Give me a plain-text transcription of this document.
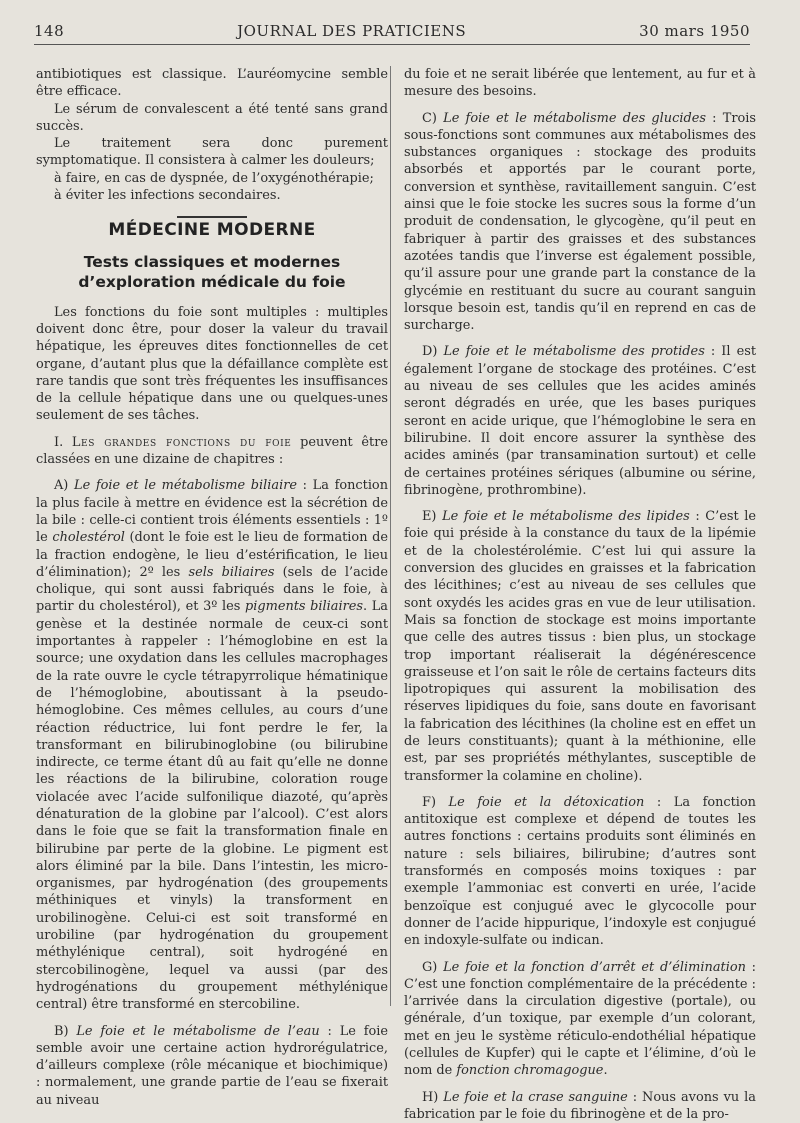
148	JOURNAL DES PRATICIENS	30 mars 1950

antibiotiques est classique. L’auréomycine semble être efficace.

Le sérum de convalescent a été tenté sans grand succès.

Le traitement sera donc purement symptomatique. Il consistera à calmer les douleurs;

à faire, en cas de dyspnée, de l’oxygénothérapie;

à éviter les infections secondaires.

MÉDECINE MODERNE
Tests classiques et modernes
d’exploration médicale du foie

Les fonctions du foie sont multiples : multiples doivent donc être, pour doser la valeur du travail hépatique, les épreuves dites fonctionnelles de cet organe, d’autant plus que la défaillance complète est rare tandis que sont très fréquentes les insuffisances de la cellule hépatique dans une ou quelques-unes seulement de ses tâches.

I. Les grandes fonctions du foie peuvent être classées en une dizaine de chapitres :

A) Le foie et le métabolisme biliaire : La fonction la plus facile à mettre en évidence est la sécrétion de la bile : celle-ci contient trois éléments essentiels : 1º le cholestérol (dont le foie est le lieu de formation de la fraction endogène, le lieu d’estérification, le lieu d’élimination); 2º les sels biliaires (sels de l’acide cholique, qui sont aussi fabriqués dans le foie, à partir du cholestérol), et 3º les pigments biliaires. La genèse et la destinée normale de ceux-ci sont importantes à rappeler : l’hémoglobine en est la source; une oxydation dans les cellules macrophages de la rate ouvre le cycle tétrapyrrolique hématinique de l’hémoglobine, aboutissant à la pseudo-hémoglobine. Ces mêmes cellules, au cours d’une réaction réductrice, lui font perdre le fer, la transformant en bilirubinoglobine (ou bilirubine indirecte, ce terme étant dû au fait qu’elle ne donne les réactions de la bilirubine, coloration rouge violacée avec l’acide sulfonilique diazoté, qu’après dénaturation de la globine par l’alcool). C’est alors dans le foie que se fait la transformation finale en bilirubine par perte de la globine. Le pigment est alors éliminé par la bile. Dans l’intestin, les micro-organismes, par hydrogénation (des groupements méthiniques et vinyls) la transforment en urobilinogène. Celui-ci est soit transformé en urobiline (par hydrogénation du groupement méthylénique central), soit hydrogéné en stercobilinogène, lequel va aussi (par des hydrogénations du groupement méthylénique central) être transformé en stercobiline.

B) Le foie et le métabolisme de l’eau : Le foie semble avoir une certaine action hydrorégulatrice, d’ailleurs complexe (rôle mécanique et biochimique) : normalement, une grande partie de l’eau se fixerait au niveau

du foie et ne serait libérée que lentement, au fur et à mesure des besoins.

C) Le foie et le métabolisme des glucides : Trois sous-fonctions sont communes aux métabolismes des substances organiques : stockage des produits absorbés et apportés par le courant porte, conversion et synthèse, ravitaillement sanguin. C’est ainsi que le foie stocke les sucres sous la forme d’un produit de condensation, le glycogène, qu’il peut en fabriquer à partir des graisses et des substances azotées tandis que l’inverse est également possible, qu’il assure pour une grande part la constance de la glycémie en restituant du sucre au courant sanguin lorsque besoin est, tandis qu’il en reprend en cas de surcharge.

D) Le foie et le métabolisme des protides : Il est également l’organe de stockage des protéines. C’est au niveau de ses cellules que les acides aminés seront dégradés en urée, que les bases puriques seront en acide urique, que l’hémoglobine le sera en bilirubine. Il doit encore assurer la synthèse des acides aminés (par transamination surtout) et celle de certaines protéines sériques (albumine ou sérine, fibrinogène, prothrombine).

E) Le foie et le métabolisme des lipides : C’est le foie qui préside à la constance du taux de la lipémie et de la cholestérolémie. C’est lui qui assure la conversion des glucides en graisses et la fabrication des lécithines; c’est au niveau de ses cellules que sont oxydés les acides gras en vue de leur utilisation. Mais sa fonction de stockage est moins importante que celle des autres tissus : bien plus, un stockage trop important réaliserait la dégénérescence graisseuse et l’on sait le rôle de certains facteurs dits lipotropiques qui assurent la mobilisation des réserves lipidiques du foie, sans doute en favorisant la fabrication des lécithines (la choline est en effet un de leurs constituants); quant à la méthionine, elle est, par ses propriétés méthylantes, susceptible de transformer la colamine en choline).

F) Le foie et la détoxication : La fonction antitoxique est complexe et dépend de toutes les autres fonctions : certains produits sont éliminés en nature : sels biliaires, bilirubine; d’autres sont transformés en composés moins toxiques : par exemple l’ammoniac est converti en urée, l’acide benzoïque est conjugué avec le glycocolle pour donner de l’acide hippurique, l’indoxyle est conjugué en indoxyle-sulfate ou indican.

G) Le foie et la fonction d’arrêt et d’élimination : C’est une fonction complémentaire de la précédente : l’arrivée dans la circulation digestive (portale), ou générale, d’un toxique, par exemple d’un colorant, met en jeu le système réticulo-endothélial hépatique (cellules de Kupfer) qui le capte et l’élimine, d’où le nom de fonction chromagogue.

H) Le foie et la crase sanguine : Nous avons vu la fabrication par le foie du fibrinogène et de la pro-
